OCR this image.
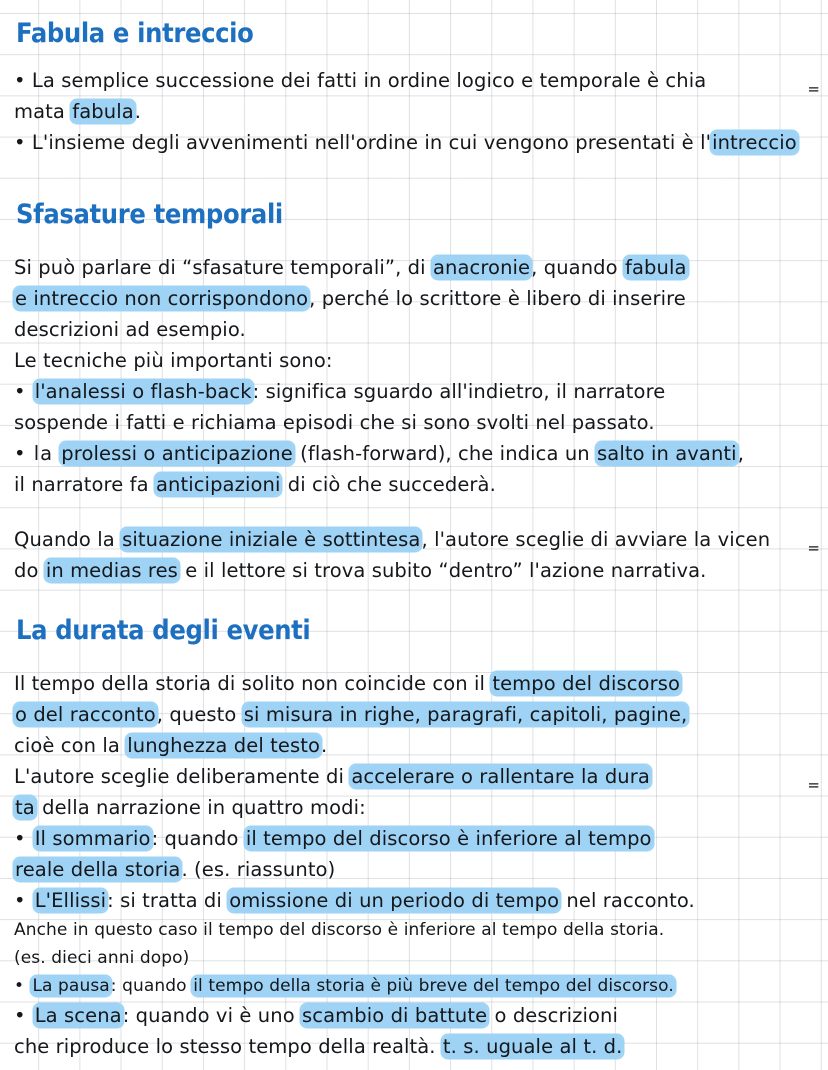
Fabula e intreccio
• La semplice successione dei fatti in ordine logico e temporale è chia	=
mata fabula.
• L'insieme degli avvenimenti nell'ordine in cui vengono presentati è l'intreccio
Sfasature temporali
Si può parlare di “sfasature temporali”, di anacronie, quando fabula
e intreccio non corrispondono, perché lo scrittore è libero di inserire
descrizioni ad esempio.
Le tecniche più importanti sono:
• l'analessi o flash-back: significa sguardo all'indietro, il narratore
sospende i fatti e richiama episodi che si sono svolti nel passato.
• la prolessi o anticipazione (flash-forward), che indica un salto in avanti,
il narratore fa anticipazioni di ciò che succederà.
Quando la situazione iniziale è sottintesa, l'autore sceglie di avviare la vicen =
do in medias res e il lettore si trova subito “dentro” l'azione narrativa.
La durata degli eventi
Il tempo della storia di solito non coincide con il tempo del discorso
o del racconto, questo si misura in righe, paragrafi, capitoli, pagine,
cioè con la lunghezza del testo.
L'autore sceglie deliberamente di accelerare o rallentare la dura	=
ta della narrazione in quattro modi:
• Il sommario: quando il tempo del discorso è inferiore al tempo
reale della storia. (es. riassunto)
• L'Ellissi: si tratta di omissione di un periodo di tempo nel racconto.
Anche in questo caso il tempo del discorso è inferiore al tempo della storia.
(es. dieci anni dopo)
• La pausa: quando il tempo della storia è più breve del tempo del discorso.
• La scena: quando vi è uno scambio di battute o descrizioni
che riproduce lo stesso tempo della realtà. t. s. uguale al t. d.
